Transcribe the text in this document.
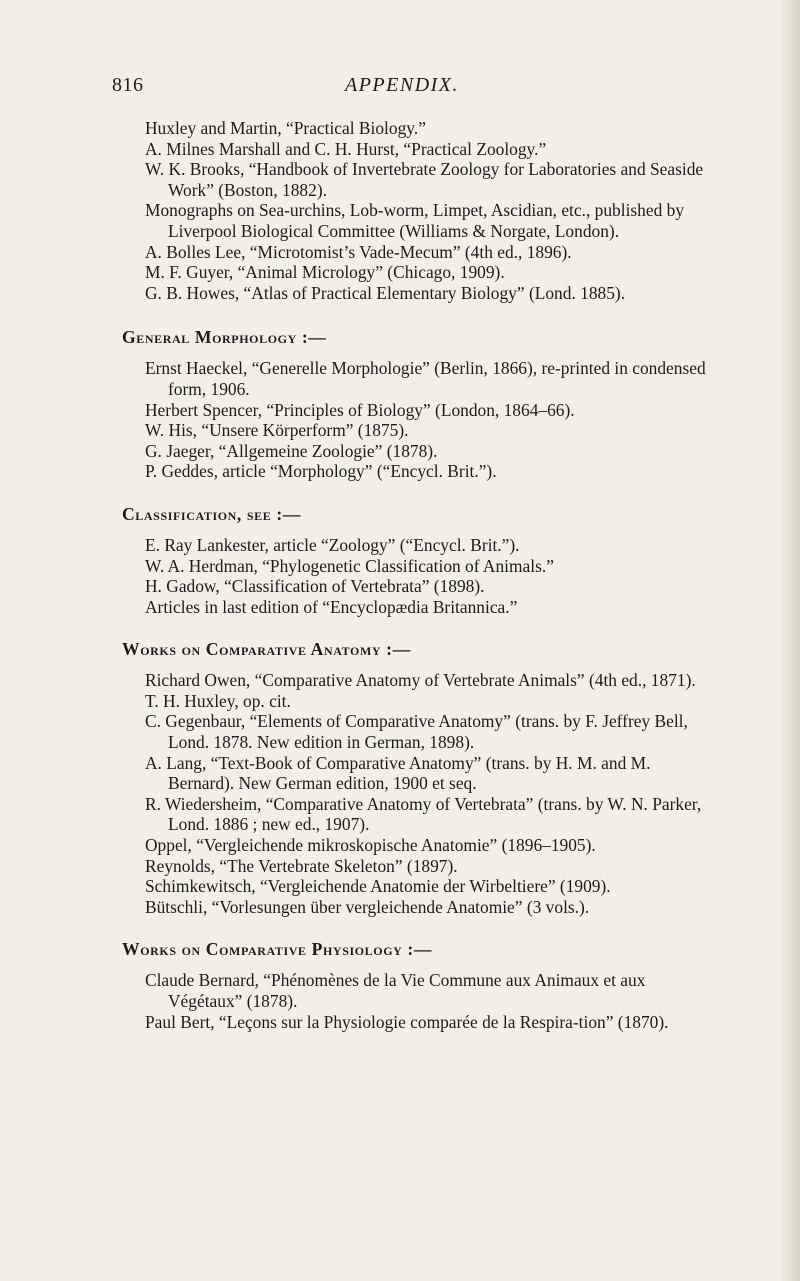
816	APPENDIX.
Huxley and Martin, “Practical Biology.”
A. Milnes Marshall and C. H. Hurst, “Practical Zoology.”
W. K. Brooks, “Handbook of Invertebrate Zoology for Laboratories and Seaside Work” (Boston, 1882).
Monographs on Sea-urchins, Lob-worm, Limpet, Ascidian, etc., published by Liverpool Biological Committee (Williams & Norgate, London).
A. Bolles Lee, “Microtomist’s Vade-Mecum” (4th ed., 1896).
M. F. Guyer, “Animal Micrology” (Chicago, 1909).
G. B. Howes, “Atlas of Practical Elementary Biology” (Lond. 1885).
General Morphology :—
Ernst Haeckel, “Generelle Morphologie” (Berlin, 1866), re-printed in condensed form, 1906.
Herbert Spencer, “Principles of Biology” (London, 1864–66).
W. His, “Unsere Körperform” (1875).
G. Jaeger, “Allgemeine Zoologie” (1878).
P. Geddes, article “Morphology” (“Encycl. Brit.”).
Classification, see :—
E. Ray Lankester, article “Zoology” (“Encycl. Brit.”).
W. A. Herdman, “Phylogenetic Classification of Animals.”
H. Gadow, “Classification of Vertebrata” (1898).
Articles in last edition of “Encyclopædia Britannica.”
Works on Comparative Anatomy :—
Richard Owen, “Comparative Anatomy of Vertebrate Animals” (4th ed., 1871).
T. H. Huxley, op. cit.
C. Gegenbaur, “Elements of Comparative Anatomy” (trans. by F. Jeffrey Bell, Lond. 1878. New edition in German, 1898).
A. Lang, “Text-Book of Comparative Anatomy” (trans. by H. M. and M. Bernard). New German edition, 1900 et seq.
R. Wiedersheim, “Comparative Anatomy of Vertebrata” (trans. by W. N. Parker, Lond. 1886 ; new ed., 1907).
Oppel, “Vergleichende mikroskopische Anatomie” (1896–1905).
Reynolds, “The Vertebrate Skeleton” (1897).
Schimkewitsch, “Vergleichende Anatomie der Wirbeltiere” (1909).
Bütschli, “Vorlesungen über vergleichende Anatomie” (3 vols.).
Works on Comparative Physiology :—
Claude Bernard, “Phénomènes de la Vie Commune aux Animaux et aux Végétaux” (1878).
Paul Bert, “Leçons sur la Physiologie comparée de la Respira-tion” (1870).
